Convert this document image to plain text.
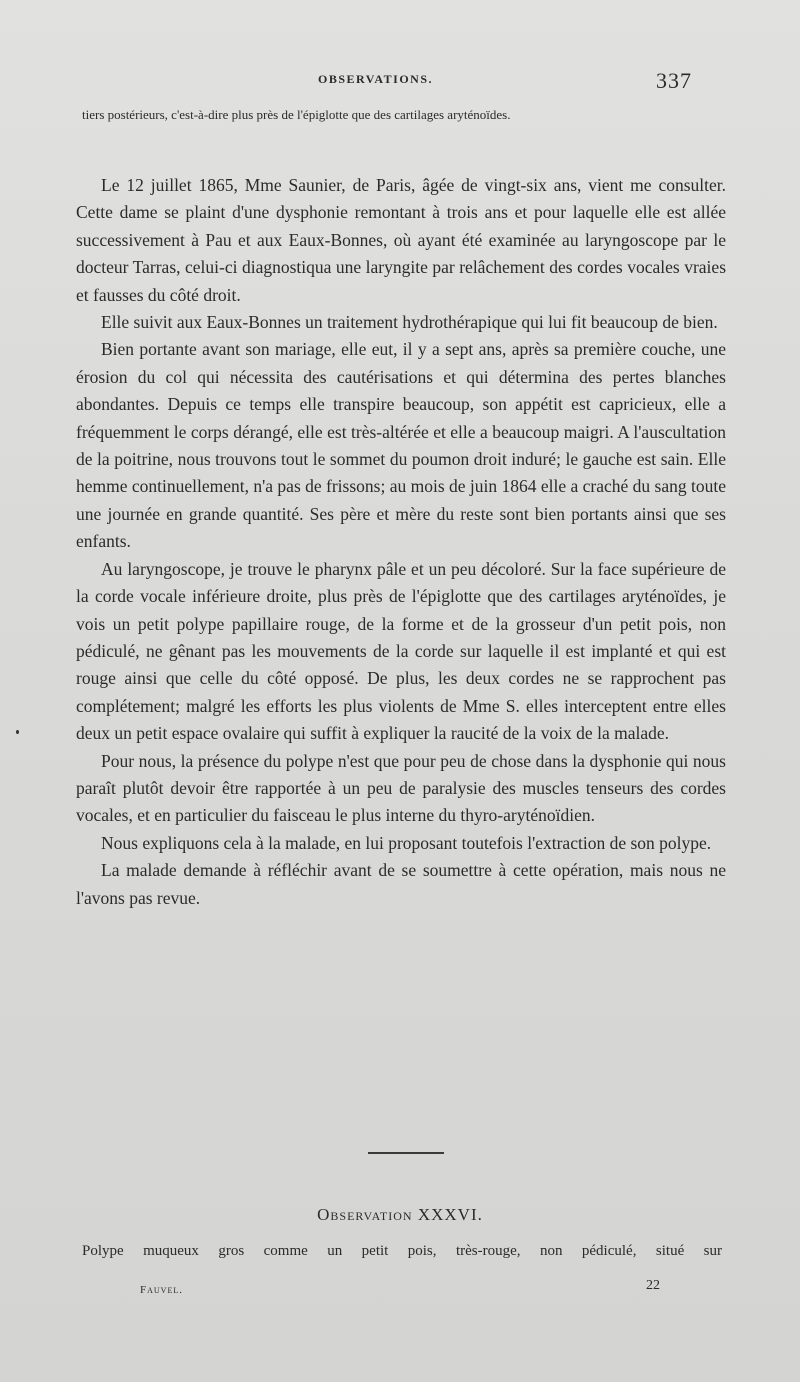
OBSERVATIONS.	337
tiers postérieurs, c'est-à-dire plus près de l'épiglotte que des cartilages aryténoïdes.

Le 12 juillet 1865, Mme Saunier, de Paris, âgée de vingt-six ans, vient me consulter. Cette dame se plaint d'une dysphonie remontant à trois ans et pour laquelle elle est allée successivement à Pau et aux Eaux-Bonnes, où ayant été examinée au laryngoscope par le docteur Tarras, celui-ci diagnostiqua une laryngite par relâchement des cordes vocales vraies et fausses du côté droit.

Elle suivit aux Eaux-Bonnes un traitement hydrothérapique qui lui fit beaucoup de bien.

Bien portante avant son mariage, elle eut, il y a sept ans, après sa première couche, une érosion du col qui nécessita des cautérisations et qui détermina des pertes blanches abondantes. Depuis ce temps elle transpire beaucoup, son appétit est capricieux, elle a fréquemment le corps dérangé, elle est très-altérée et elle a beaucoup maigri. A l'auscultation de la poitrine, nous trouvons tout le sommet du poumon droit induré; le gauche est sain. Elle hemme continuellement, n'a pas de frissons; au mois de juin 1864 elle a craché du sang toute une journée en grande quantité. Ses père et mère du reste sont bien portants ainsi que ses enfants.

Au laryngoscope, je trouve le pharynx pâle et un peu décoloré. Sur la face supérieure de la corde vocale inférieure droite, plus près de l'épiglotte que des cartilages aryténoïdes, je vois un petit polype papillaire rouge, de la forme et de la grosseur d'un petit pois, non pédiculé, ne gênant pas les mouvements de la corde sur laquelle il est implanté et qui est rouge ainsi que celle du côté opposé. De plus, les deux cordes ne se rapprochent pas complétement; malgré les efforts les plus violents de Mme S. elles interceptent entre elles deux un petit espace ovalaire qui suffit à expliquer la raucité de la voix de la malade.

Pour nous, la présence du polype n'est que pour peu de chose dans la dysphonie qui nous paraît plutôt devoir être rapportée à un peu de paralysie des muscles tenseurs des cordes vocales, et en particulier du faisceau le plus interne du thyro-aryténoïdien.

Nous expliquons cela à la malade, en lui proposant toutefois l'extraction de son polype.

La malade demande à réfléchir avant de se soumettre à cette opération, mais nous ne l'avons pas revue.

Observation XXXVI.
Polype muqueux gros comme un petit pois, très-rouge, non pédiculé, situé sur
Fauvel.	22
